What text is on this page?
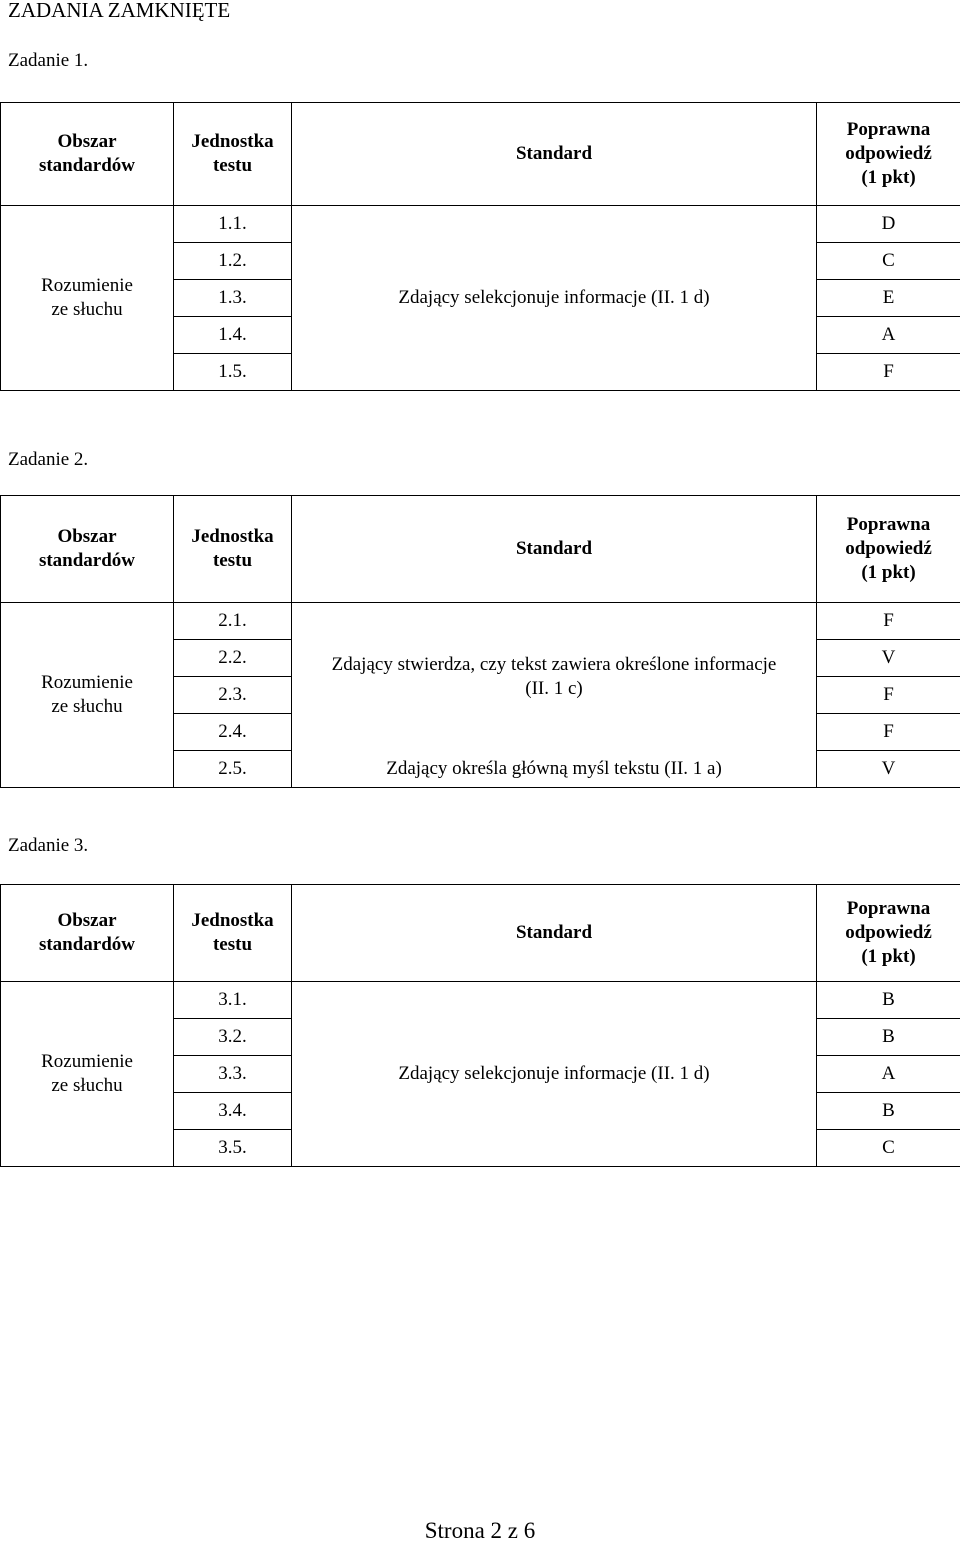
ZADANIA ZAMKNIĘTE
Zadanie 1.
Obszar
standardów	Jednostka
testu	Standard	Poprawna
odpowiedź
(1 pkt)

Rozumienie
ze słuchu	1.1.	Zdający selekcjonuje informacje (II. 1 d)	D
	1.2.		C
	1.3.		E
	1.4.		A
	1.5.		F
Zadanie 2.
Obszar
standardów	Jednostka
testu	Standard	Poprawna
odpowiedź
(1 pkt)

Rozumienie
ze słuchu	2.1.	Zdający stwierdza, czy tekst zawiera określone informacje
(II. 1 c)	F
	2.2.		V
	2.3.		F
	2.4.		F
	2.5.	Zdający określa główną myśl tekstu (II. 1 a)	V
Zadanie 3.
Obszar
standardów	Jednostka
testu	Standard	Poprawna
odpowiedź
(1 pkt)

Rozumienie
ze słuchu	3.1.	Zdający selekcjonuje informacje (II. 1 d)	B
	3.2.		B
	3.3.		A
	3.4.		B
	3.5.		C
Strona 2 z 6
